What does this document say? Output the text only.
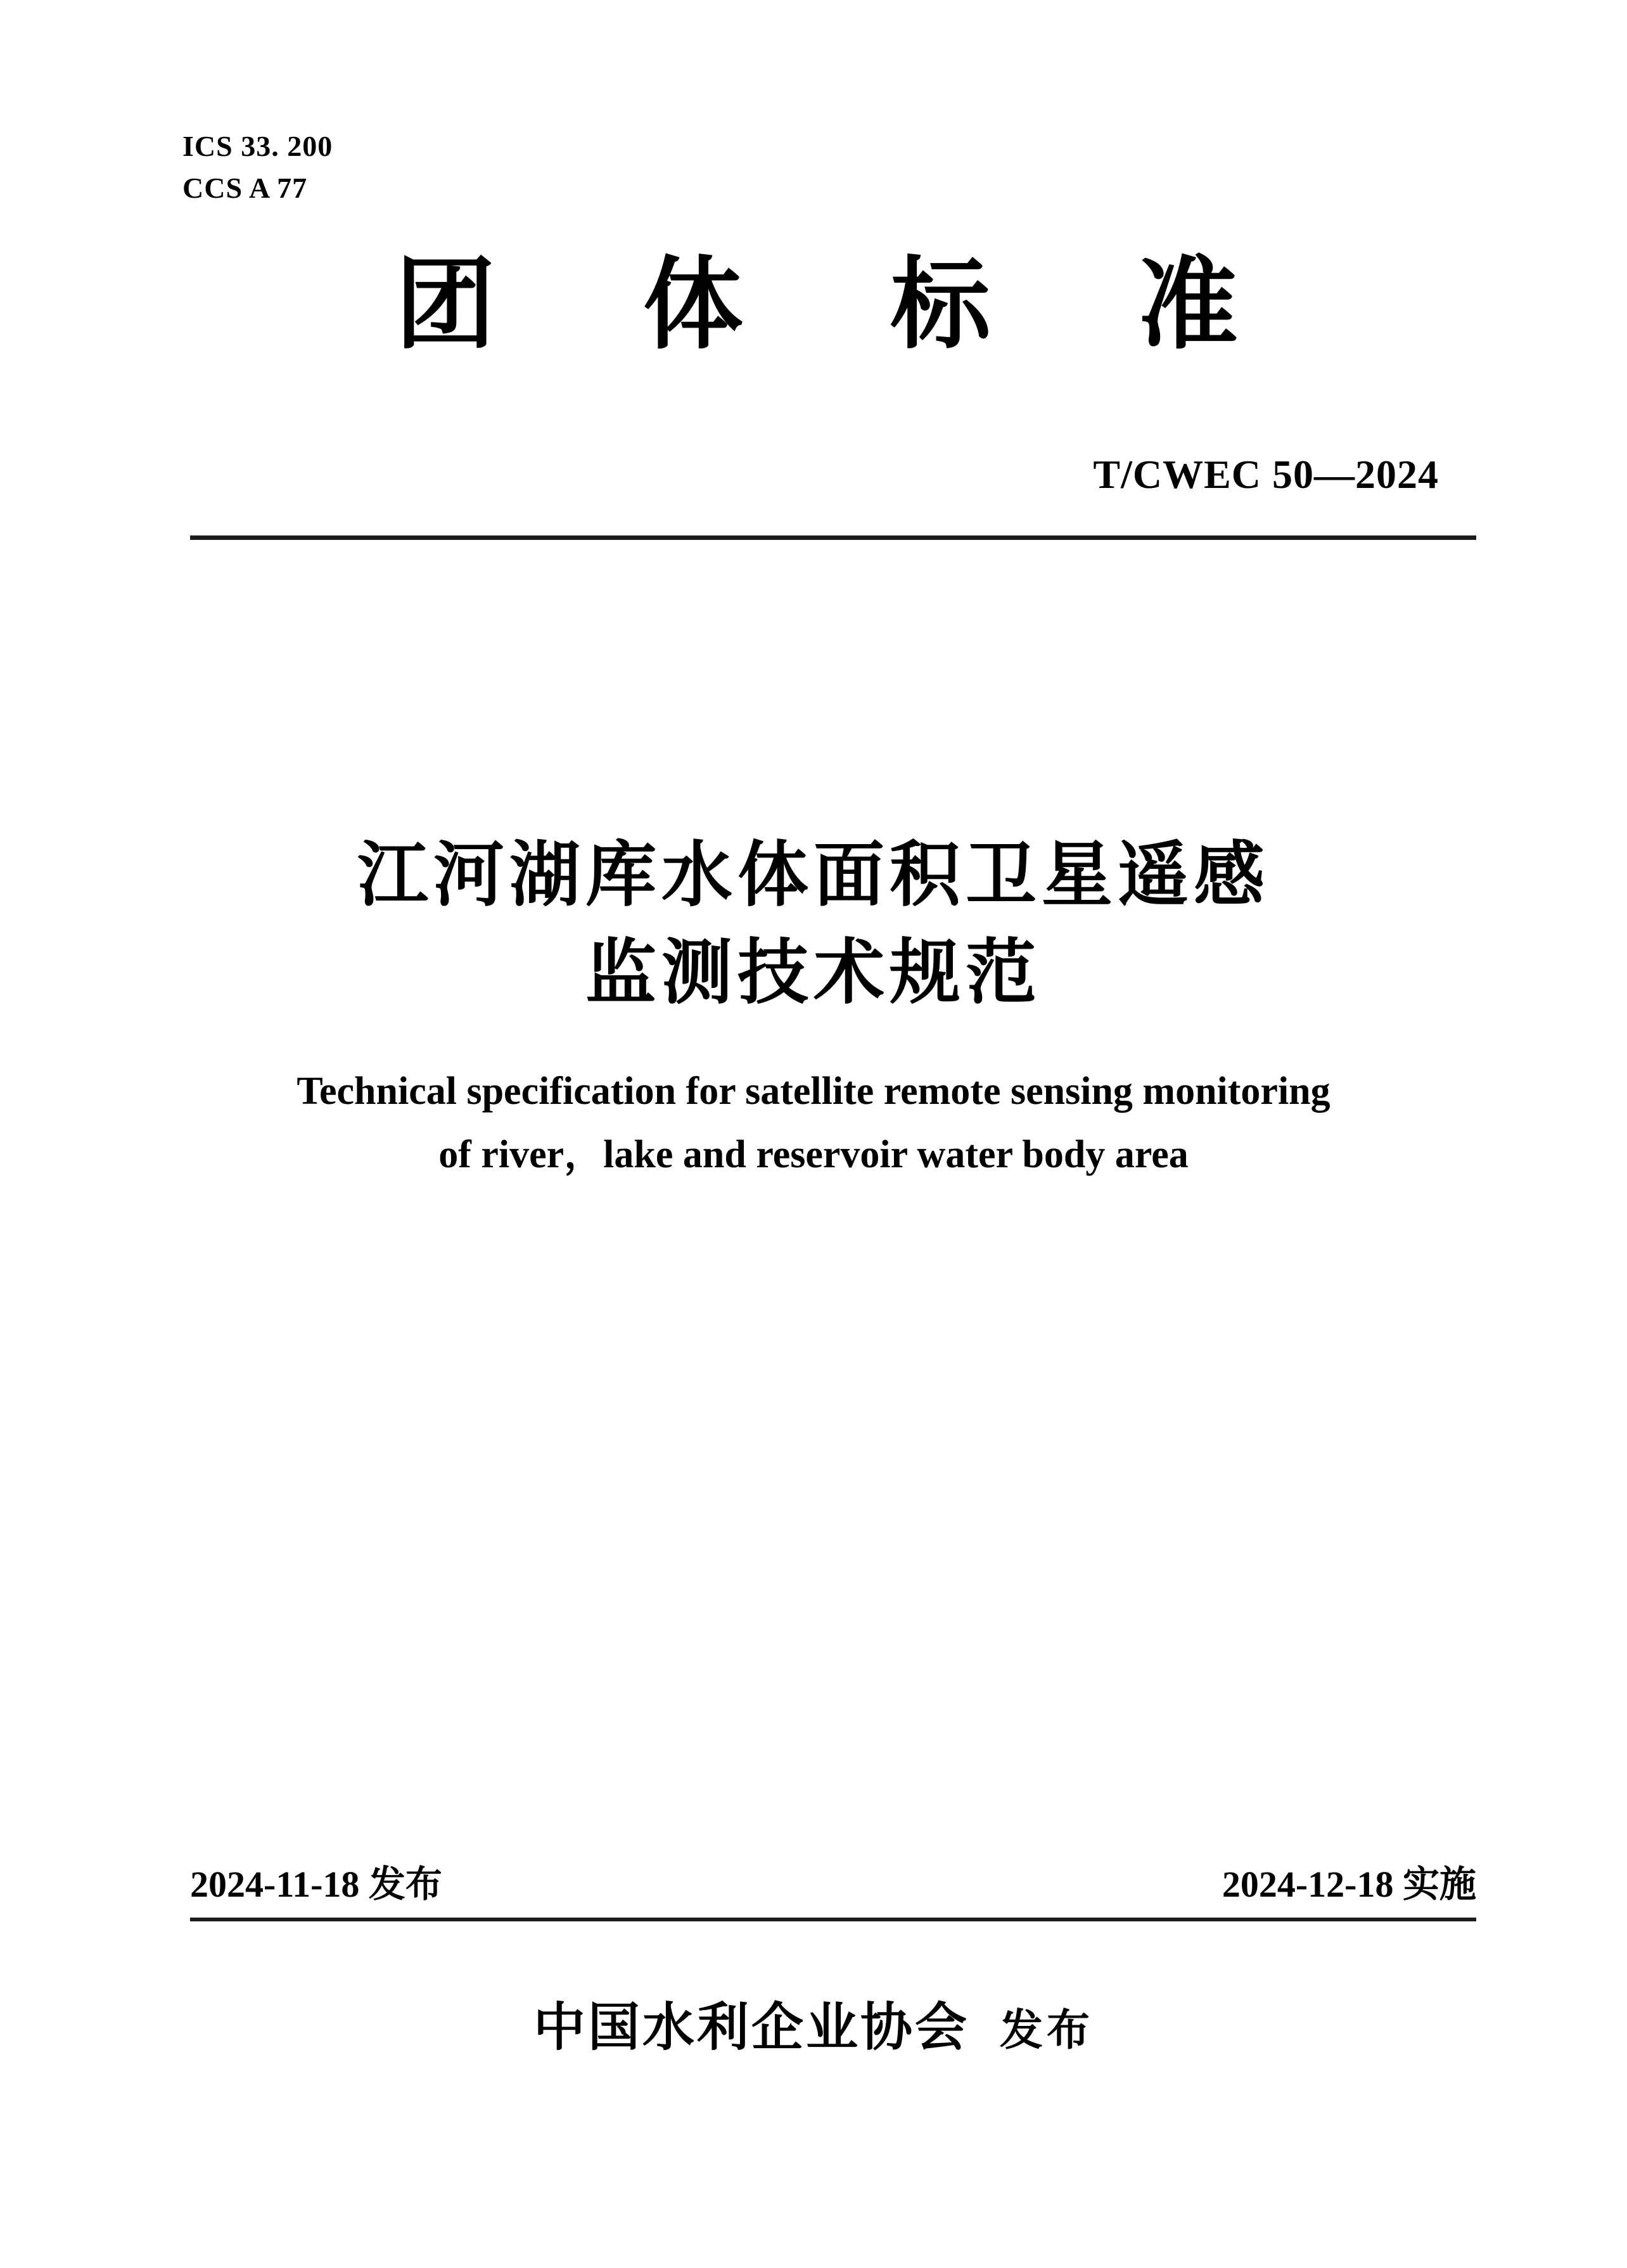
ICS 33. 200
CCS A 77
团 体 标 准
T/CWEC 50—2024
江河湖库水体面积卫星遥感
监测技术规范
Technical specification for satellite remote sensing monitoring
of river，lake and reservoir water body area
2024-11-18 发布	2024-12-18 实施
中国水利企业协会 发布
